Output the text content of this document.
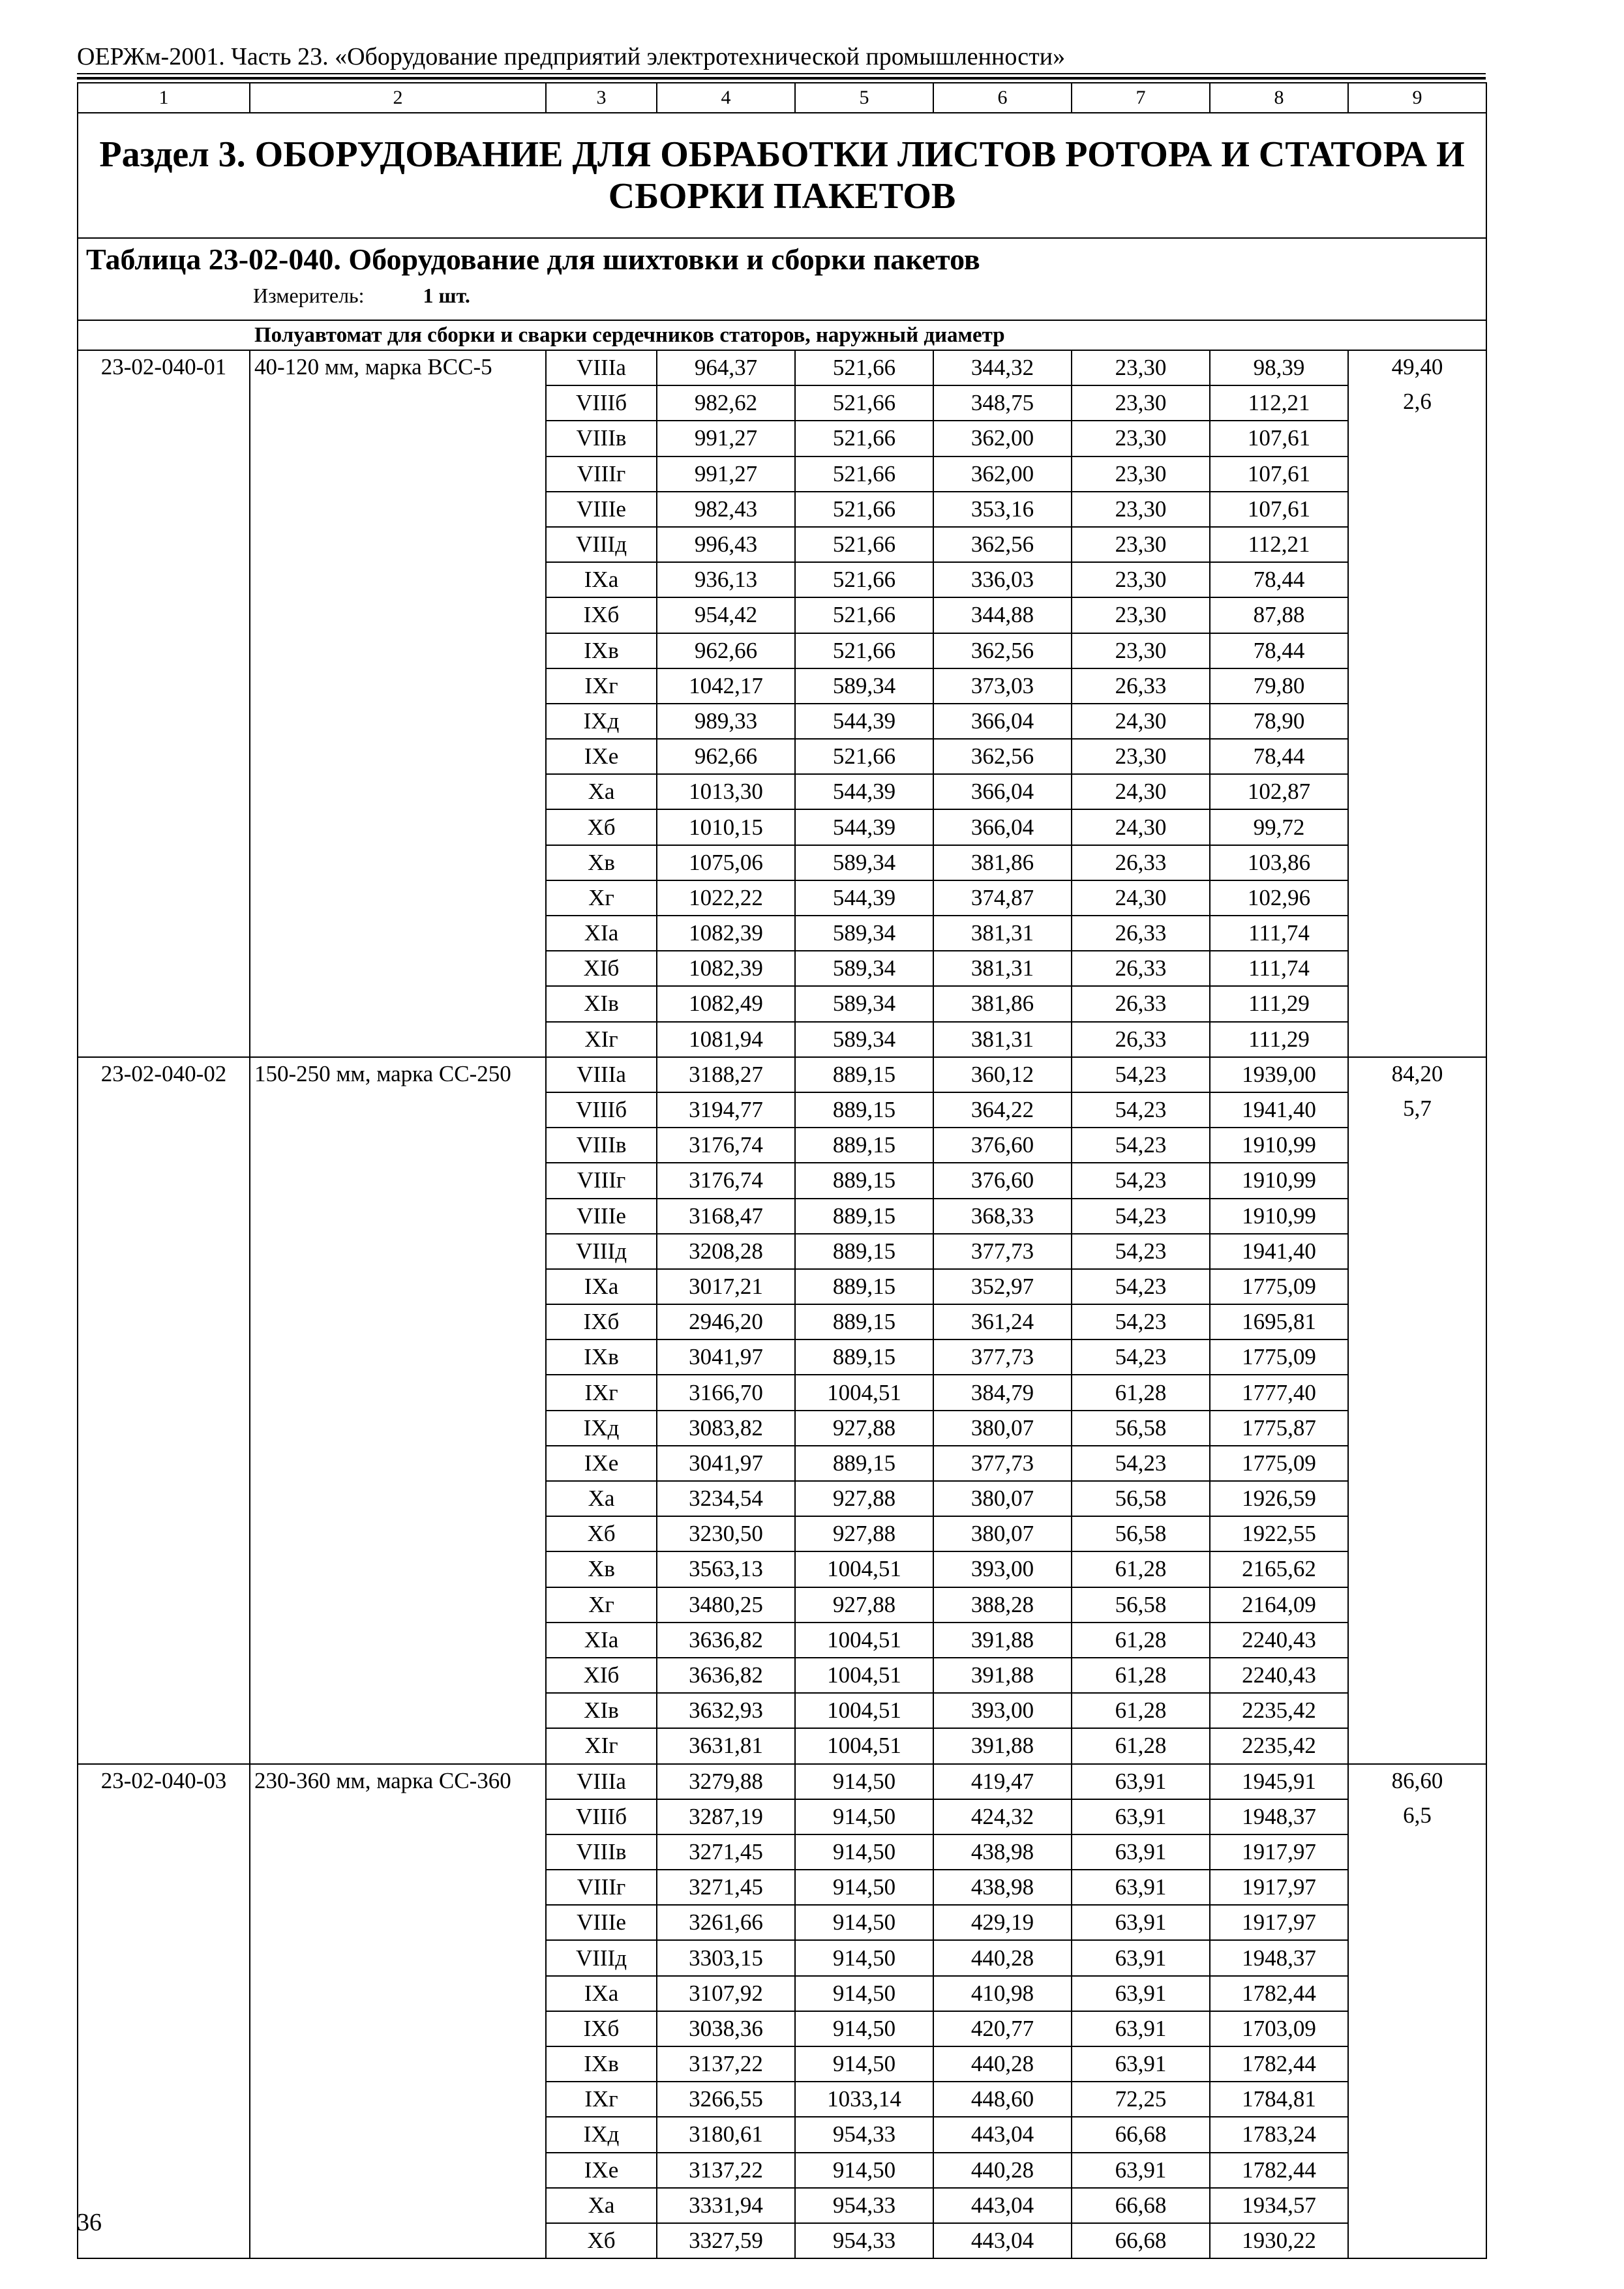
ОЕРЖм-2001. Часть 23. «Оборудование предприятий электротехнической промышленности»
1	2	3	4	5	6	7	8	9
Раздел 3. ОБОРУДОВАНИЕ ДЛЯ ОБРАБОТКИ ЛИСТОВ РОТОРА И СТАТОРА И СБОРКИ ПАКЕТОВ								

Таблица 23-02-040. Оборудование для шихтовки и сборки пакетов
Измеритель: 1 шт.								

Полуавтомат для сборки и сварки сердечников статоров, наружный диаметр								
23-02-040-01	40-120 мм, марка ВСС-5	VIIIа	964,37	521,66	344,32	23,30	98,39	49,40
		VIIIб	982,62	521,66	348,75	23,30	112,21	2,6
		VIIIв	991,27	521,66	362,00	23,30	107,61	
		VIIIг	991,27	521,66	362,00	23,30	107,61	
		VIIIе	982,43	521,66	353,16	23,30	107,61	
		VIIIд	996,43	521,66	362,56	23,30	112,21	
		IXа	936,13	521,66	336,03	23,30	78,44	
		IXб	954,42	521,66	344,88	23,30	87,88	
		IXв	962,66	521,66	362,56	23,30	78,44	
		IXг	1042,17	589,34	373,03	26,33	79,80	
		IXд	989,33	544,39	366,04	24,30	78,90	
		IXе	962,66	521,66	362,56	23,30	78,44	
		Xа	1013,30	544,39	366,04	24,30	102,87	
		Xб	1010,15	544,39	366,04	24,30	99,72	
		Xв	1075,06	589,34	381,86	26,33	103,86	
		Xг	1022,22	544,39	374,87	24,30	102,96	
		XIа	1082,39	589,34	381,31	26,33	111,74	
		XIб	1082,39	589,34	381,31	26,33	111,74	
		XIв	1082,49	589,34	381,86	26,33	111,29	
		XIг	1081,94	589,34	381,31	26,33	111,29	
23-02-040-02	150-250 мм, марка СС-250	VIIIа	3188,27	889,15	360,12	54,23	1939,00	84,20
		VIIIб	3194,77	889,15	364,22	54,23	1941,40	5,7
		VIIIв	3176,74	889,15	376,60	54,23	1910,99	
		VIIIг	3176,74	889,15	376,60	54,23	1910,99	
		VIIIе	3168,47	889,15	368,33	54,23	1910,99	
		VIIIд	3208,28	889,15	377,73	54,23	1941,40	
		IXа	3017,21	889,15	352,97	54,23	1775,09	
		IXб	2946,20	889,15	361,24	54,23	1695,81	
		IXв	3041,97	889,15	377,73	54,23	1775,09	
		IXг	3166,70	1004,51	384,79	61,28	1777,40	
		IXд	3083,82	927,88	380,07	56,58	1775,87	
		IXе	3041,97	889,15	377,73	54,23	1775,09	
		Xа	3234,54	927,88	380,07	56,58	1926,59	
		Xб	3230,50	927,88	380,07	56,58	1922,55	
		Xв	3563,13	1004,51	393,00	61,28	2165,62	
		Xг	3480,25	927,88	388,28	56,58	2164,09	
		XIа	3636,82	1004,51	391,88	61,28	2240,43	
		XIб	3636,82	1004,51	391,88	61,28	2240,43	
		XIв	3632,93	1004,51	393,00	61,28	2235,42	
		XIг	3631,81	1004,51	391,88	61,28	2235,42	
23-02-040-03	230-360 мм, марка СС-360	VIIIа	3279,88	914,50	419,47	63,91	1945,91	86,60
		VIIIб	3287,19	914,50	424,32	63,91	1948,37	6,5
		VIIIв	3271,45	914,50	438,98	63,91	1917,97	
		VIIIг	3271,45	914,50	438,98	63,91	1917,97	
		VIIIе	3261,66	914,50	429,19	63,91	1917,97	
		VIIIд	3303,15	914,50	440,28	63,91	1948,37	
		IXа	3107,92	914,50	410,98	63,91	1782,44	
		IXб	3038,36	914,50	420,77	63,91	1703,09	
		IXв	3137,22	914,50	440,28	63,91	1782,44	
		IXг	3266,55	1033,14	448,60	72,25	1784,81	
		IXд	3180,61	954,33	443,04	66,68	1783,24	
		IXе	3137,22	914,50	440,28	63,91	1782,44	
		Xа	3331,94	954,33	443,04	66,68	1934,57	
		Xб	3327,59	954,33	443,04	66,68	1930,22	
36
